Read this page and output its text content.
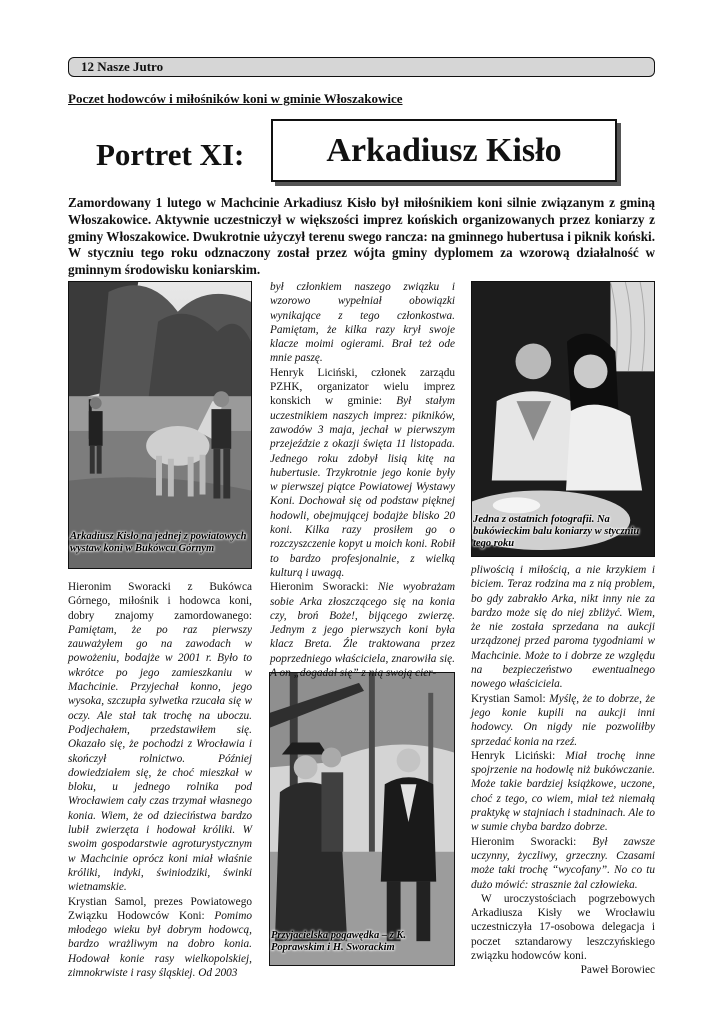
12 Nasze Jutro
Poczet hodowców i miłośników koni w gminie Włoszakowice
Portret XI:	Arkadiusz Kisło
Zamordowany 1 lutego w Machcinie Arkadiusz Kisło był miłośnikiem koni silnie związanym z gminą Włoszakowice. Aktywnie uczestniczył w większości imprez końskich organizowanych przez koniarzy z gminy Włoszakowice. Dwukrotnie użyczył terenu swego rancza: na gminnego hubertusa i piknik koński. W styczniu tego roku odznaczony został przez wójta gminy dyplomem za wzorową działalność w gminnym środowisku koniarskim.
Arkadiusz Kisło na jednej z powiatowych wystaw koni w Bukówcu Górnym
Jedna z ostatnich fotografii. Na bukówieckim balu koniarzy w styczniu tego roku
Przyjacielska pogawędka – z K. Poprawskim i H. Sworackim

Hieronim Sworacki z Bukówca Górnego, miłośnik i hodowca koni, dobry znajomy zamordowanego: Pamiętam, że po raz pierwszy zauważyłem go na zawodach w powożeniu, bodajże w 2001 r. Było to wkrótce po jego zamieszkaniu w Machcinie. Przyjechał konno, jego wysoka, szczupła sylwetka rzucała się w oczy. Ale stał tak trochę na uboczu. Podjechałem, przedstawiłem się. Okazało się, że pochodzi z Wrocławia i skończył rolnictwo. Później dowiedziałem się, że choć mieszkał w bloku, u jednego rolnika pod Wrocławiem cały czas trzymał własnego konia. Wiem, że od dzieciństwa bardzo lubił zwierzęta i hodował króliki. W swoim gospodarstwie agroturystycznym w Machcinie oprócz koni miał właśnie króliki, indyki, świniodziki, świnki wietnamskie.

Krystian Samol, prezes Powiatowego Związku Hodowców Koni: Pomimo młodego wieku był dobrym hodowcą, bardzo wrażliwym na dobro konia. Hodował konie rasy wielkopolskiej, zimnokrwiste i rasy śląskiej. Od 2003

był członkiem naszego związku i wzorowo wypełniał obowiązki wynikające z tego członkostwa. Pamiętam, że kilka razy krył swoje klacze moimi ogierami. Brał też ode mnie paszę.

Henryk Liciński, członek zarządu PZHK, organizator wielu imprez konskich w gminie: Był stałym uczestnikiem naszych imprez: pikników, zawodów 3 maja, jechał w pierwszym przejeździe z okazji święta 11 listopada. Jednego roku zdobył lisią kitę na hubertusie. Trzykrotnie jego konie były w pierwszej piątce Powiatowej Wystawy Koni. Dochował się od podstaw pięknej hodowli, obejmującej bodajże blisko 20 koni. Kilka razy prosiłem go o rozczyszczenie kopyt u moich koni. Robił to bardzo profesjonalnie, z wielką kulturą i uwagą.

Hieronim Sworacki: Nie wyobrażam sobie Arka złoszczącego się na konia czy, broń Boże!, bijącego zwierzę. Jednym z jego pierwszych koni była klacz Breta. Źle traktowana przez poprzedniego właściciela, znarowiła się. A on „dogadał się” z nią swoją cier-

pliwością i miłością, a nie krzykiem i biciem. Teraz rodzina ma z nią problem, bo gdy zabrakło Arka, nikt inny nie za bardzo może się do niej zbliżyć. Wiem, że nie została sprzedana na aukcji urządzonej przed paroma tygodniami w Machcinie. Może to i dobrze ze względu na bezpieczeństwo ewentualnego nowego właściciela.

Krystian Samol: Myślę, że to dobrze, że jego konie kupili na aukcji inni hodowcy. On nigdy nie pozwoliłby sprzedać konia na rzeź.

Henryk Liciński: Miał trochę inne spojrzenie na hodowlę niż bukówczanie. Może takie bardziej książkowe, uczone, choć z tego, co wiem, miał też niemałą praktykę w stajniach i stadninach. Ale to w sumie chyba bardzo dobrze.

Hieronim Sworacki: Był zawsze uczynny, życzliwy, grzeczny. Czasami może taki trochę “wycofany”. No co tu dużo mówić: strasznie żal człowieka.

W uroczystościach pogrzebowych Arkadiusza Kisły we Wrocławiu uczestniczyła 17-osobowa delegacja i poczet sztandarowy leszczyńskiego związku hodowców koni.

Paweł Borowiec
